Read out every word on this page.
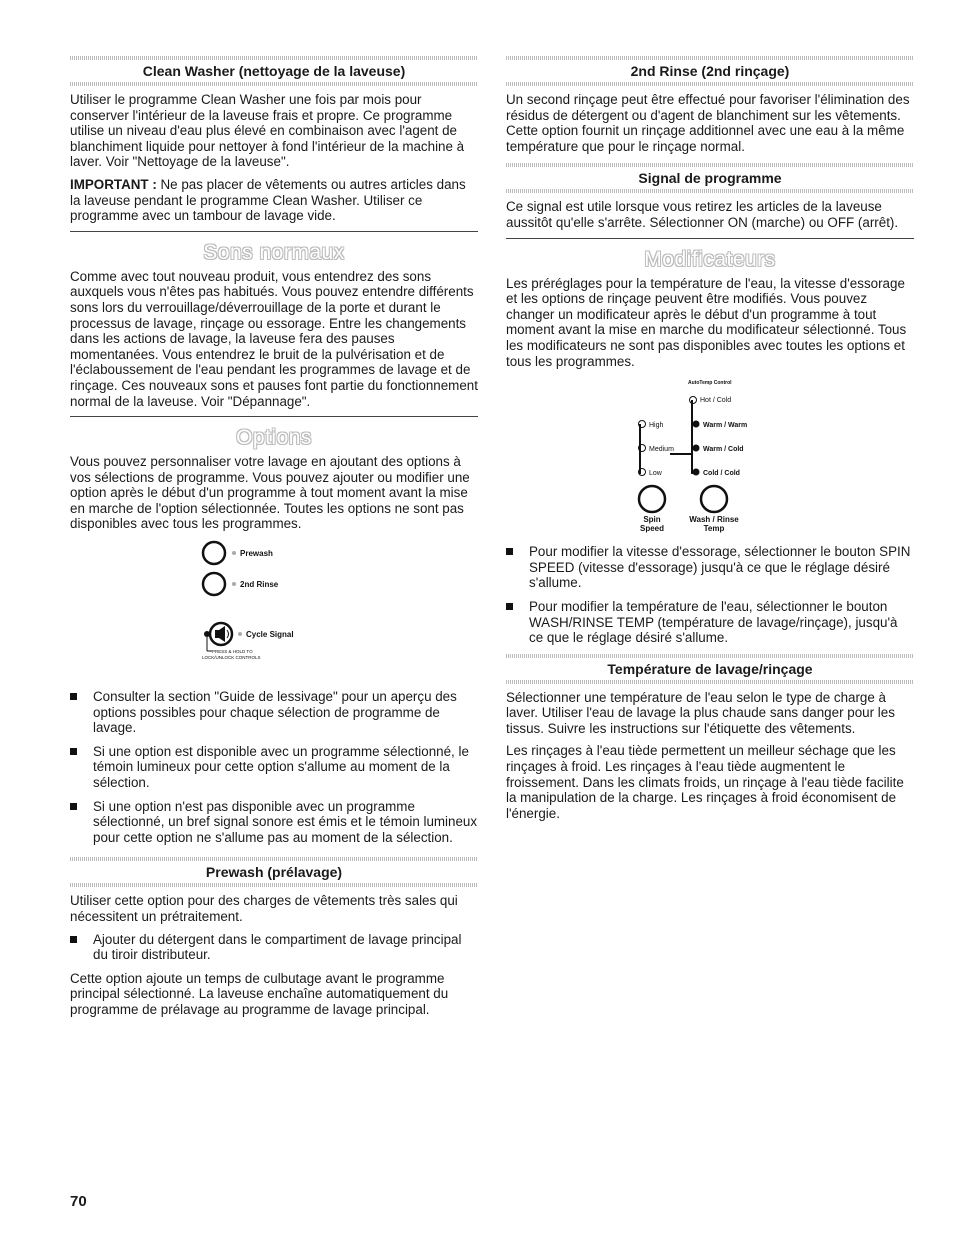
Clean Washer (nettoyage de la laveuse)

Utiliser le programme Clean Washer une fois par mois pour conserver l'intérieur de la laveuse frais et propre. Ce programme utilise un niveau d'eau plus élevé en combinaison avec l'agent de blanchiment liquide pour nettoyer à fond l'intérieur de la machine à laver. Voir "Nettoyage de la laveuse".

IMPORTANT : Ne pas placer de vêtements ou autres articles dans la laveuse pendant le programme Clean Washer. Utiliser ce programme avec un tambour de lavage vide.

Sons normaux

Comme avec tout nouveau produit, vous entendrez des sons auxquels vous n'êtes pas habitués. Vous pouvez entendre différents sons lors du verrouillage/déverrouillage de la porte et durant le processus de lavage, rinçage ou essorage. Entre les changements dans les actions de lavage, la laveuse fera des pauses momentanées. Vous entendrez le bruit de la pulvérisation et de l'éclaboussement de l'eau pendant les programmes de lavage et de rinçage. Ces nouveaux sons et pauses font partie du fonctionnement normal de la laveuse. Voir "Dépannage".

Options

Vous pouvez personnaliser votre lavage en ajoutant des options à vos sélections de programme. Vous pouvez ajouter ou modifier une option après le début d'un programme à tout moment avant la mise en marche de l'option sélectionnée. Toutes les options ne sont pas disponibles avec tous les programmes.

Prewash
2nd Rinse
Cycle Signal
PRESS & HOLD TO
LOCK/UNLOCK CONTROLS
Consulter la section "Guide de lessivage" pour un aperçu des options possibles pour chaque sélection de programme de lavage.
Si une option est disponible avec un programme sélectionné, le témoin lumineux pour cette option s'allume au moment de la sélection.
Si une option n'est pas disponible avec un programme sélectionné, un bref signal sonore est émis et le témoin lumineux pour cette option ne s'allume pas au moment de la sélection.
Prewash (prélavage)

Utiliser cette option pour des charges de vêtements très sales qui nécessitent un prétraitement.

Ajouter du détergent dans le compartiment de lavage principal du tiroir distributeur.

Cette option ajoute un temps de culbutage avant le programme principal sélectionné. La laveuse enchaîne automatiquement du programme de prélavage au programme de lavage principal.

2nd Rinse (2nd rinçage)

Un second rinçage peut être effectué pour favoriser l'élimination des résidus de détergent ou d'agent de blanchiment sur les vêtements. Cette option fournit un rinçage additionnel avec une eau à la même température que pour le rinçage normal.

Signal de programme

Ce signal est utile lorsque vous retirez les articles de la laveuse aussitôt qu'elle s'arrête. Sélectionner ON (marche) ou OFF (arrêt).

Modificateurs

Les préréglages pour la température de l'eau, la vitesse d'essorage et les options de rinçage peuvent être modifiés. Vous pouvez changer un modificateur après le début d'un programme à tout moment avant la mise en marche du modificateur sélectionné. Tous les modificateurs ne sont pas disponibles avec toutes les options et tous les programmes.

AutoTemp Control
Hot / Cold
Warm / Warm
Warm / Cold
Cold / Cold
High
Medium
Low
Spin
Speed
Wash / Rinse
Temp
Pour modifier la vitesse d'essorage, sélectionner le bouton SPIN SPEED (vitesse d'essorage) jusqu'à ce que le réglage désiré s'allume.
Pour modifier la température de l'eau, sélectionner le bouton WASH/RINSE TEMP (température de lavage/rinçage), jusqu'à ce que le réglage désiré s'allume.
Température de lavage/rinçage

Sélectionner une température de l'eau selon le type de charge à laver. Utiliser l'eau de lavage la plus chaude sans danger pour les tissus. Suivre les instructions sur l'étiquette des vêtements.

Les rinçages à l'eau tiède permettent un meilleur séchage que les rinçages à froid. Les rinçages à l'eau tiède augmentent le froissement. Dans les climats froids, un rinçage à l'eau tiède facilite la manipulation de la charge. Les rinçages à froid économisent de l'énergie.

70
